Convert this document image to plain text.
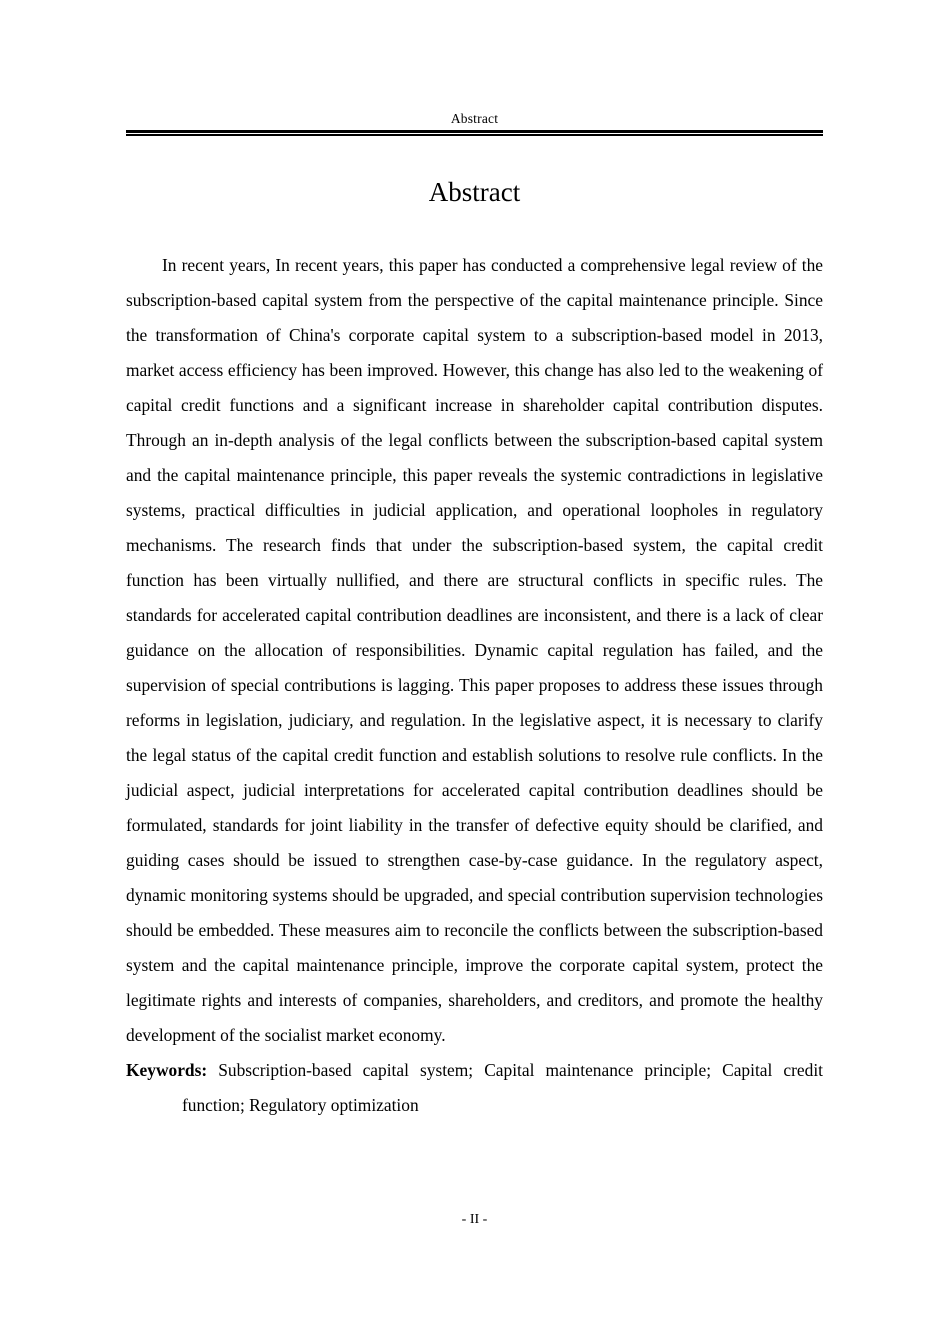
Abstract
Abstract

In recent years, In recent years, this paper has conducted a comprehensive legal review of the subscription-based capital system from the perspective of the capital maintenance principle. Since the transformation of China's corporate capital system to a subscription-based model in 2013, market access efficiency has been improved. However, this change has also led to the weakening of capital credit functions and a significant increase in shareholder capital contribution disputes. Through an in-depth analysis of the legal conflicts between the subscription-based capital system and the capital maintenance principle, this paper reveals the systemic contradictions in legislative systems, practical difficulties in judicial application, and operational loopholes in regulatory mechanisms. The research finds that under the subscription-based system, the capital credit function has been virtually nullified, and there are structural conflicts in specific rules. The standards for accelerated capital contribution deadlines are inconsistent, and there is a lack of clear guidance on the allocation of responsibilities. Dynamic capital regulation has failed, and the supervision of special contributions is lagging. This paper proposes to address these issues through reforms in legislation, judiciary, and regulation. In the legislative aspect, it is necessary to clarify the legal status of the capital credit function and establish solutions to resolve rule conflicts. In the judicial aspect, judicial interpretations for accelerated capital contribution deadlines should be formulated, standards for joint liability in the transfer of defective equity should be clarified, and guiding cases should be issued to strengthen case-by-case guidance. In the regulatory aspect, dynamic monitoring systems should be upgraded, and special contribution supervision technologies should be embedded. These measures aim to reconcile the conflicts between the subscription-based system and the capital maintenance principle, improve the corporate capital system, protect the legitimate rights and interests of companies, shareholders, and creditors, and promote the healthy development of the socialist market economy.

Keywords: Subscription-based capital system; Capital maintenance principle; Capital credit function; Regulatory optimization

- II -
